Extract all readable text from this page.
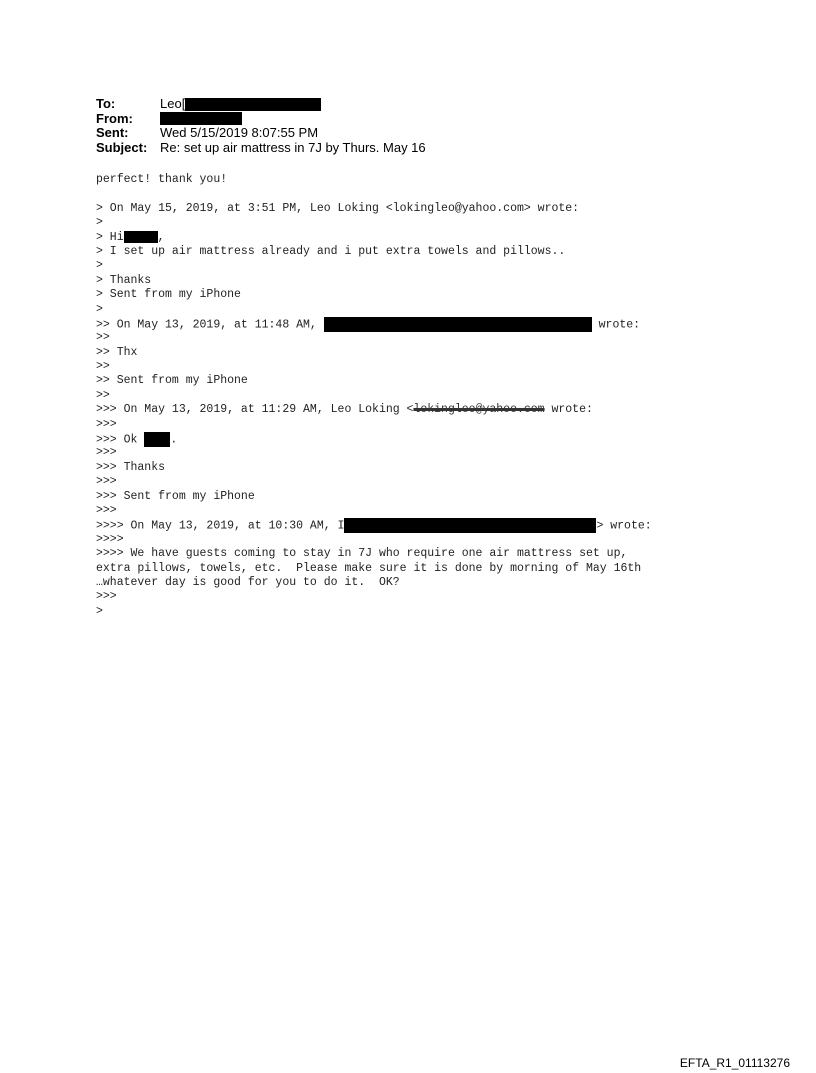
To:	Leo[
From:
Sent:	Wed 5/15/2019 8:07:55 PM
Subject: Re: set up air mattress in 7J by Thurs. May 16
perfect! thank you!
> On May 15, 2019, at 3:51 PM, Leo Loking <lokingleo@yahoo.com> wrote:
>
> Hi	,
> I set up air mattress already and i put extra towels and pillows..
>
> Thanks
> Sent from my iPhone
>
>> On May 13, 2019, at 11:48 AM,	wrote:
>>
>> Thx
>>
>> Sent from my iPhone
>>
>>> On May 13, 2019, at 11:29 AM, Leo Loking <lokingleo@yahoo.com wrote:
>>>
>>> Ok .
>>>
>>> Thanks
>>>
>>> Sent from my iPhone
>>>
>>>> On May 13, 2019, at 10:30 AM, I	> wrote:
>>>>
>>>> We have guests coming to stay in 7J who require one air mattress set up,
extra pillows, towels, etc.  Please make sure it is done by morning of May 16th
…whatever day is good for you to do it.  OK?
>>>
>
EFTA_R1_01113276
